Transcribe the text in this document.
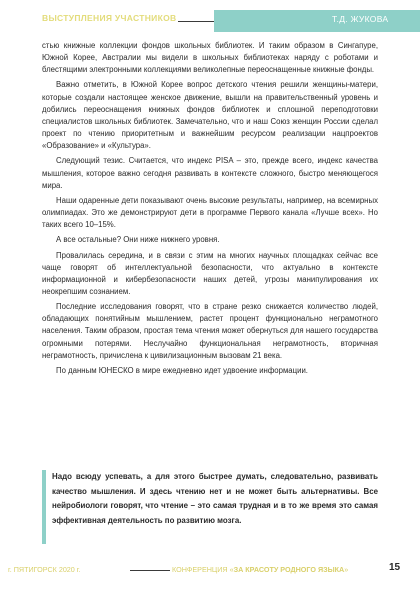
ВЫСТУПЛЕНИЯ УЧАСТНИКОВ	Т.Д. ЖУКОВА

стью книжные коллекции фондов школьных библиотек. И таким образом в Сингапуре, Южной Корее, Австралии мы видели в школьных библиотеках наряду с роботами и блестящими электронными коллекциями великолепные переоснащенные книжные фонды.

Важно отметить, в Южной Корее вопрос детского чтения решили женщины-матери, которые создали настоящее женское движение, вышли на правительственный уровень и добились переоснащения книжных фондов библиотек и сплошной переподготовки специалистов школьных библиотек. Замечательно, что и наш Союз женщин России сделал проект по чтению приоритетным и важнейшим ресурсом реализации нацпроектов «Образование» и «Культура».

Следующий тезис. Считается, что индекс PISA – это, прежде всего, индекс качества мышления, которое важно сегодня развивать в контексте сложного, быстро меняющегося мира.

Наши одаренные дети показывают очень высокие результаты, например, на всемирных олимпиадах. Это же демонстрируют дети в программе Первого канала «Лучше всех». Но таких всего 10–15%.

А все остальные? Они ниже нижнего уровня.

Провалилась середина, и в связи с этим на многих научных площадках сейчас все чаще говорят об интеллектуальной безопасности, что актуально в контексте информационной и кибербезопасности наших детей, угрозы манипулирования их неокрепшим сознанием.

Последние исследования говорят, что в стране резко снижается количество людей, обладающих понятийным мышлением, растет процент функционально неграмотного населения. Таким образом, простая тема чтения может обернуться для нашего государства огромными потерями. Неслучайно функциональная неграмотность, вторичная неграмотность, причислена к цивилизационным вызовам 21 века.

По данным ЮНЕСКО в мире ежедневно идет удвоение информации.

Надо всюду успевать, а для этого быстрее думать, следовательно, развивать качество мышления. И здесь чтению нет и не может быть альтернативы. Все нейробиологи говорят, что чтение – это самая трудная и в то же время это самая эффективная деятельность по развитию мозга.
г. ПЯТИГОРСК 2020 г.	КОНФЕРЕНЦИЯ «ЗА КРАСОТУ РОДНОГО ЯЗЫКА»	15
